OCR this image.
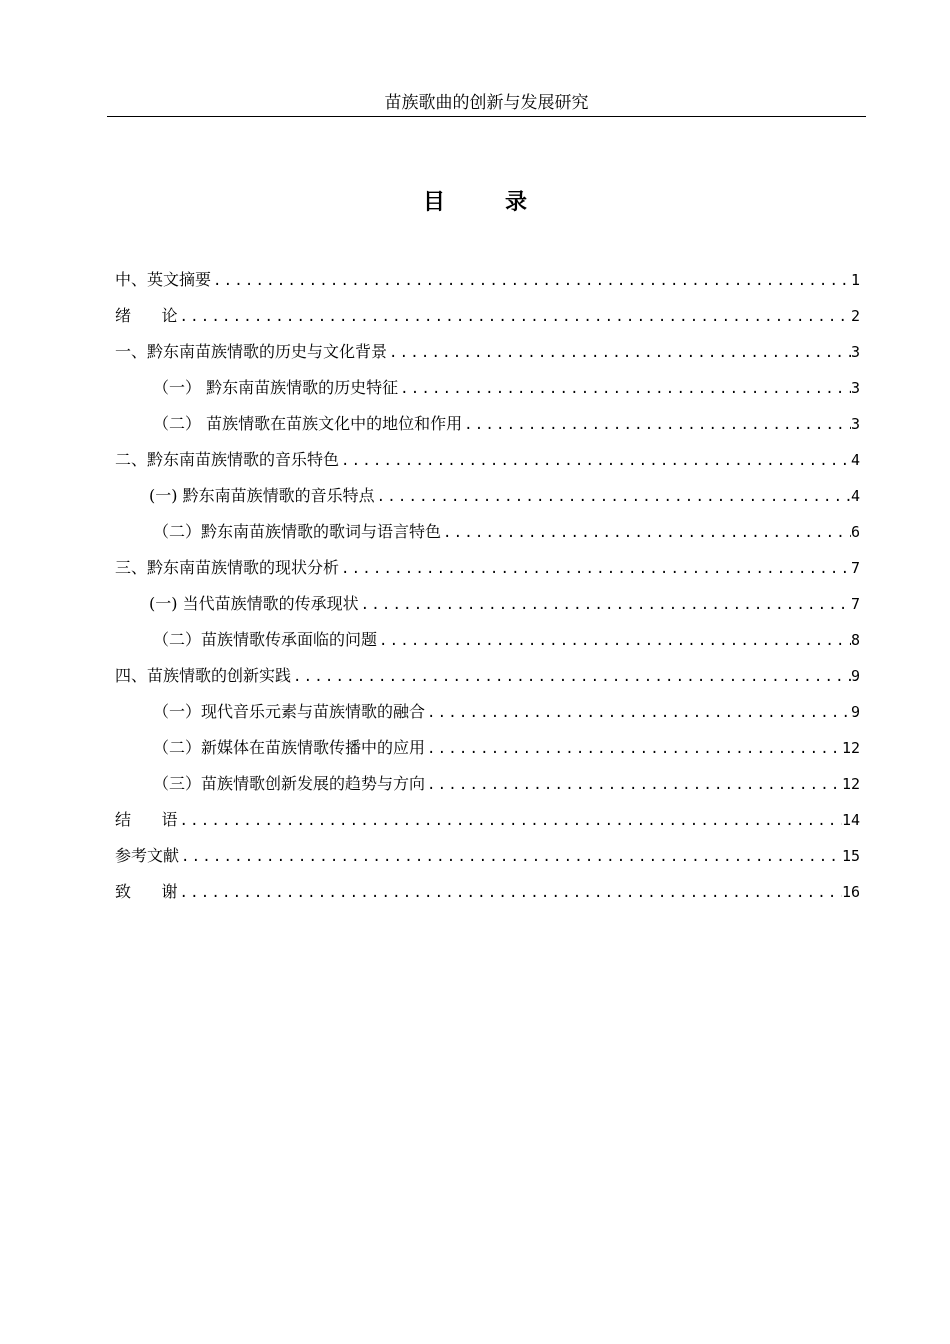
苗族歌曲的创新与发展研究
目	录
中、英文摘要 .....	1
绪      论 .....	2
一、黔东南苗族情歌的历史与文化背景 .....	3
（一） 黔东南苗族情歌的历史特征 .....	3
（二） 苗族情歌在苗族文化中的地位和作用 .....	3
二、黔东南苗族情歌的音乐特色 .....	4
(一) 黔东南苗族情歌的音乐特点 .....	4
（二）黔东南苗族情歌的歌词与语言特色 .....	6
三、黔东南苗族情歌的现状分析 .....	7
(一) 当代苗族情歌的传承现状 .....	7
（二）苗族情歌传承面临的问题 .....	8
四、苗族情歌的创新实践 .....	9
（一）现代音乐元素与苗族情歌的融合 .....	9
（二）新媒体在苗族情歌传播中的应用 .....	12
（三）苗族情歌创新发展的趋势与方向 .....	12
结      语 .....	14
参考文献 .....	15
致      谢 .....	16
